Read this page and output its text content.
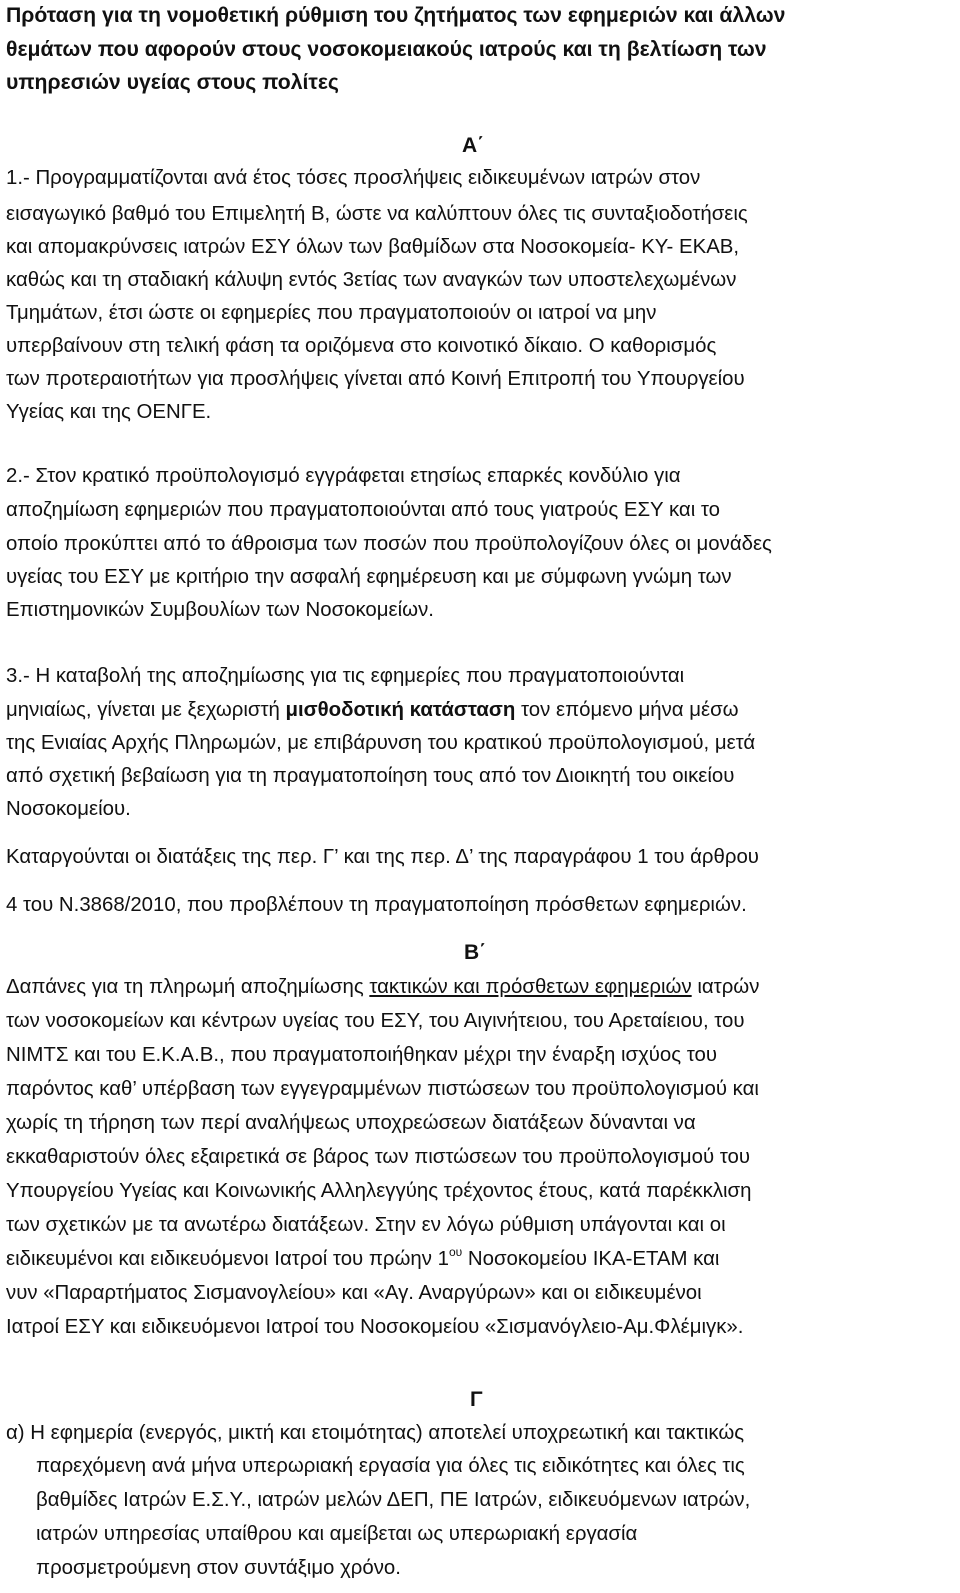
Πρόταση για τη νομοθετική ρύθμιση του ζητήματος των εφημεριών και άλλων
θεμάτων που αφορούν στους νοσοκομειακούς ιατρούς και τη βελτίωση των
υπηρεσιών υγείας στους πολίτες
Α΄
1.- Προγραμματίζονται ανά έτος τόσες προσλήψεις ειδικευμένων ιατρών στον
εισαγωγικό βαθμό του Επιμελητή Β, ώστε να καλύπτουν όλες τις συνταξιοδοτήσεις
και απομακρύνσεις ιατρών ΕΣΥ όλων των βαθμίδων στα Νοσοκομεία- ΚΥ- ΕΚΑΒ,
καθώς και τη σταδιακή κάλυψη εντός 3ετίας των αναγκών των υποστελεχωμένων
Τμημάτων, έτσι ώστε οι εφημερίες που πραγματοποιούν οι ιατροί να μην
υπερβαίνουν στη τελική φάση τα οριζόμενα στο κοινοτικό δίκαιο. Ο καθορισμός
των προτεραιοτήτων για προσλήψεις γίνεται από Κοινή Επιτροπή του Υπουργείου
Υγείας και της ΟΕΝΓΕ.
2.- Στον κρατικό προϋπολογισμό εγγράφεται ετησίως επαρκές κονδύλιο για
αποζημίωση εφημεριών που πραγματοποιούνται από τους γιατρούς ΕΣΥ και το
οποίο προκύπτει από το άθροισμα των ποσών που προϋπολογίζουν όλες οι μονάδες
υγείας του ΕΣΥ με κριτήριο την ασφαλή εφημέρευση και με σύμφωνη γνώμη των
Επιστημονικών Συμβουλίων των Νοσοκομείων.
3.- Η καταβολή της αποζημίωσης για τις εφημερίες που πραγματοποιούνται
μηνιαίως, γίνεται με ξεχωριστή μισθοδοτική κατάσταση τον επόμενο μήνα μέσω
της Ενιαίας Αρχής Πληρωμών, με επιβάρυνση του κρατικού προϋπολογισμού, μετά
από σχετική βεβαίωση για τη πραγματοποίηση τους από τον Διοικητή του οικείου
Νοσοκομείου.
Καταργούνται οι διατάξεις της περ. Γ’ και της περ. Δ’ της παραγράφου 1 του άρθρου
4 του Ν.3868/2010, που προβλέπουν τη πραγματοποίηση πρόσθετων εφημεριών.
Β΄
Δαπάνες για τη πληρωμή αποζημίωσης τακτικών και πρόσθετων εφημεριών ιατρών
των νοσοκομείων και κέντρων υγείας του ΕΣΥ, του Αιγινήτειου, του Αρεταίειου, του
ΝΙΜΤΣ και του Ε.Κ.Α.Β., που πραγματοποιήθηκαν μέχρι την έναρξη ισχύος του
παρόντος καθ’ υπέρβαση των εγγεγραμμένων πιστώσεων του προϋπολογισμού και
χωρίς τη τήρηση των περί αναλήψεως υποχρεώσεων διατάξεων δύνανται να
εκκαθαριστούν όλες εξαιρετικά σε βάρος των πιστώσεων του προϋπολογισμού του
Υπουργείου Υγείας και Κοινωνικής Αλληλεγγύης τρέχοντος έτους, κατά παρέκκλιση
των σχετικών με τα ανωτέρω διατάξεων. Στην εν λόγω ρύθμιση υπάγονται και οι
ειδικευμένοι και ειδικευόμενοι Ιατροί του πρώην $1^{o\upsilon}$ Νοσοκομείου ΙΚΑ-ΕΤΑΜ και
νυν «Παραρτήματος Σισμανογλείου» και «Αγ. Αναργύρων» και οι ειδικευμένοι
Ιατροί ΕΣΥ και ειδικευόμενοι Ιατροί του Νοσοκομείου «Σισμανόγλειο-Αμ.Φλέμιγκ».
Γ
α) Η εφημερία (ενεργός, μικτή και ετοιμότητας) αποτελεί υποχρεωτική και τακτικώς
παρεχόμενη ανά μήνα υπερωριακή εργασία για όλες τις ειδικότητες και όλες τις
βαθμίδες Ιατρών Ε.Σ.Υ., ιατρών μελών ΔΕΠ, ΠΕ Ιατρών, ειδικευόμενων ιατρών,
ιατρών υπηρεσίας υπαίθρου και αμείβεται ως υπερωριακή εργασία
προσμετρούμενη στον συντάξιμο χρόνο.
